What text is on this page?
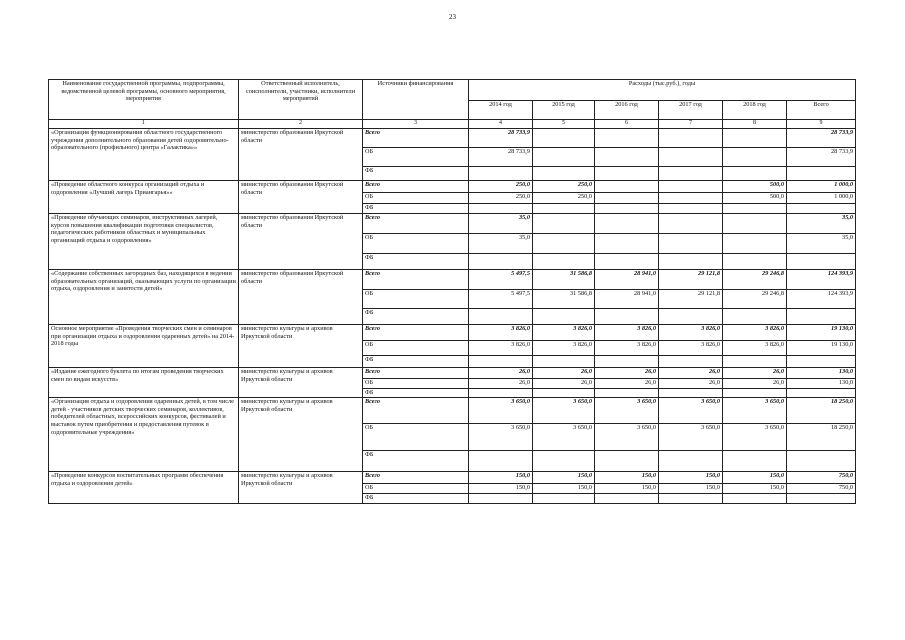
23
Наименование государственной программы, подпрограммы, ведомственной целевой программы, основного мероприятия, мероприятия	Ответственный исполнитель, соисполнители, участники, исполнители мероприятий	Источники финансирования	Расходы (тыс.руб.), годы					
			2014 год	2015 год	2016 год	2017 год	2018 год	Всего
1	2	3	4	5	6	7	8	9
«Организация функционирования областного государственного учреждения дополнительного образования детей оздоровительно-образовательного (профильного) центра «Галактика»»	министерство образования Иркутской области	Всего	28 733,9					28 733,9
		ОБ	28 733,9					28 733,9
		ФБ						
«Проведение областного конкурса организаций отдыха и оздоровления «Лучший лагерь Приангарья»»	министерство образования Иркутской области	Всего	250,0	250,0			500,0	1 000,0
		ОБ	250,0	250,0			500,0	1 000,0
		ФБ						
«Проведение обучающих семинаров, инструктивных лагерей, курсов повышения квалификации подготовки специалистов, педагогических работников областных и муниципальных организаций отдыха и оздоровления»	министерство образования Иркутской области	Всего	35,0					35,0
		ОБ	35,0					35,0
		ФБ						
«Содержание собственных загородных баз, находящихся в ведении образовательных организаций, оказывающих услуги по организации отдыха, оздоровления и занятости детей»	министерство образования Иркутской области	Всего	5 497,5	31 586,8	28 941,0	29 121,8	29 246,8	124 393,9
		ОБ	5 497,5	31 586,8	28 941,0	29 121,8	29 246,8	124 393,9
		ФБ						
Основное мероприятие «Проведения творческих смен и семинаров при организации отдыха и оздоровления одаренных детей» на 2014-2018 годы	министерство культуры и архивов Иркутской области	Всего	3 826,0	3 826,0	3 826,0	3 826,0	3 826,0	19 130,0
		ОБ	3 826,0	3 826,0	3 826,0	3 826,0	3 826,0	19 130,0
		ФБ						
«Издание ежегодного буклета по итогам проведения творческих смен по видам искусств»	министерство культуры и архивов Иркутской области	Всего	26,0	26,0	26,0	26,0	26,0	130,0
		ОБ	26,0	26,0	26,0	26,0	26,0	130,0
		ФБ						
«Организация отдыха и оздоровления одаренных детей, в том числе детей - участников детских творческих семинаров, коллективов, победителей областных, всероссийских конкурсов, фестивалей и выставок путем приобретения и предоставления путевок в оздоровительные учреждения»	министерство культуры и архивов Иркутской области	Всего	3 650,0	3 650,0	3 650,0	3 650,0	3 650,0	18 250,0
		ОБ	3 650,0	3 650,0	3 650,0	3 650,0	3 650,0	18 250,0
		ФБ						
«Проведение конкурсов воспитательных программ обеспечения отдыха и оздоровления детей»	министерство культуры и архивов Иркутской области	Всего	150,0	150,0	150,0	150,0	150,0	750,0
		ОБ	150,0	150,0	150,0	150,0	150,0	750,0
		ФБ						
